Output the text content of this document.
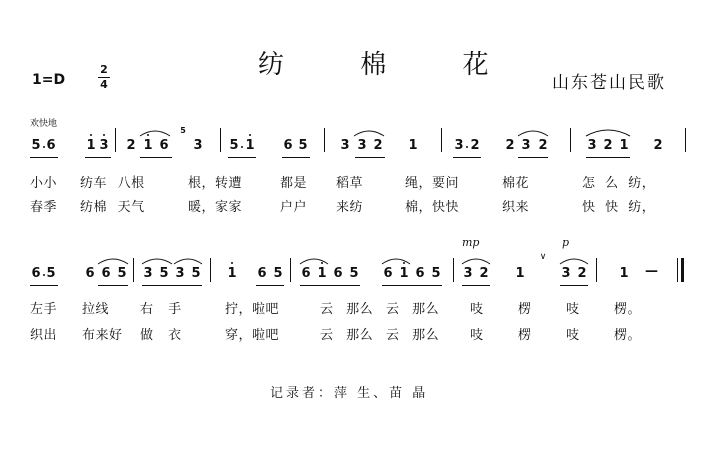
纺 棉 花
1=D
2
4	山东苍山民歌
欢快地
5 6 1 3 2 1 6
5
3 5 1 6 5	3 3 2 1	3 2 2 3 2	3 2 1 2
小小 纺车 八根	根，转遭	都是 稻草	绳，要问	棉花	怎 么 纺，
春季 纺棉 天气	暖，家家	户户 来纺	棉，快快	织来	快 快 纺，
mp	p
∨
6 5 6 6 5 3 5 3 5 1 6 5 6 1 6 5 6 1 6 5 3 2 1	3 2	1 —
左手 拉线 右 手	拧，啦吧	云 那么 云 那么 吱	楞	吱	楞。
织出 布来好 做 衣	穿，啦吧	云 那么 云 那么 吱	楞	吱	楞。
记录者：萍 生、苗 晶
